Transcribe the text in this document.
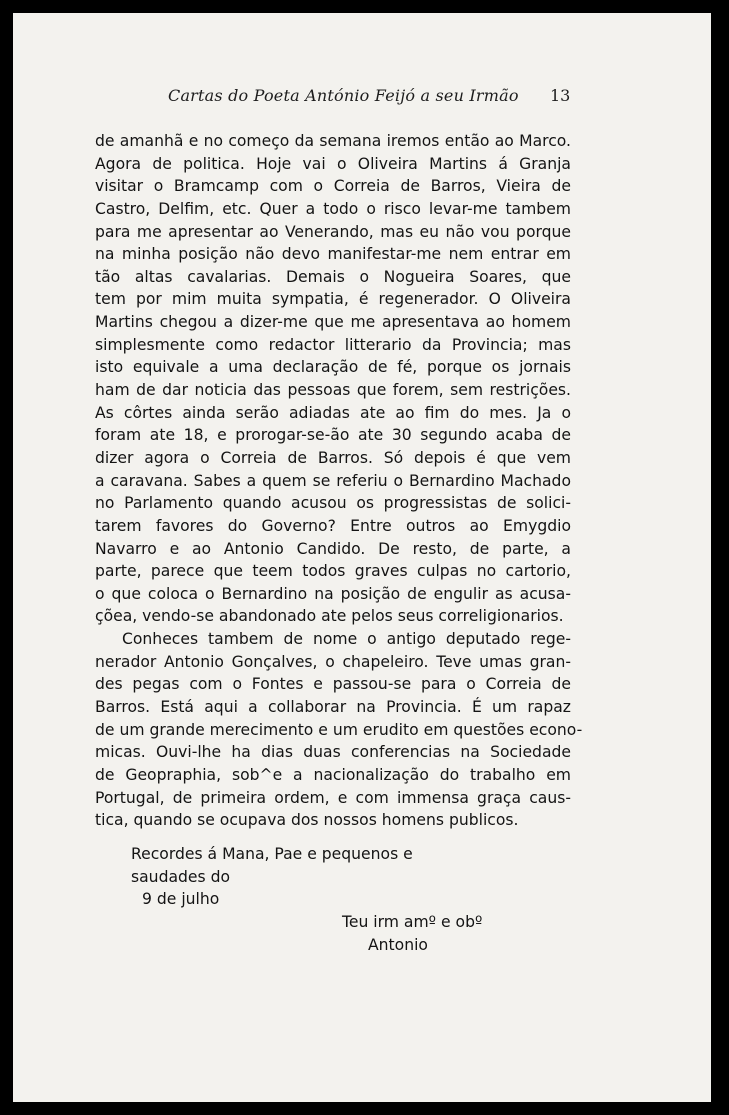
Cartas do Poeta António Feijó a seu Irmão 13
de amanhã e no começo da semana iremos então ao Marco.
Agora de politica. Hoje vai o Oliveira Martins á Granja
visitar o Bramcamp com o Correia de Barros, Vieira de
Castro, Delfim, etc. Quer a todo o risco levar-me tambem
para me apresentar ao Venerando, mas eu não vou porque
na minha posição não devo manifestar-me nem entrar em
tão altas cavalarias. Demais o Nogueira Soares, que
tem por mim muita sympatia, é regenerador. O Oliveira
Martins chegou a dizer-me que me apresentava ao homem
simplesmente como redactor litterario da Provincia; mas
isto equivale a uma declaração de fé, porque os jornais
ham de dar noticia das pessoas que forem, sem restrições.
As côrtes ainda serão adiadas ate ao fim do mes. Ja o
foram ate 18, e prorogar-se-ão ate 30 segundo acaba de
dizer agora o Correia de Barros. Só depois é que vem
a caravana. Sabes a quem se referiu o Bernardino Machado
no Parlamento quando acusou os progressistas de solici-
tarem favores do Governo? Entre outros ao Emygdio
Navarro e ao Antonio Candido. De resto, de parte, a
parte, parece que teem todos graves culpas no cartorio,
o que coloca o Bernardino na posição de engulir as acusa-
çõea, vendo-se abandonado ate pelos seus correligionarios.
Conheces tambem de nome o antigo deputado rege-
nerador Antonio Gonçalves, o chapeleiro. Teve umas gran-
des pegas com o Fontes e passou-se para o Correia de
Barros. Está aqui a collaborar na Provincia. É um rapaz
de um grande merecimento e um erudito em questões econo-
micas. Ouvi-lhe ha dias duas conferencias na Sociedade
de Geopraphia, sob^e a nacionalização do trabalho em
Portugal, de primeira ordem, e com immensa graça caus-
tica, quando se ocupava dos nossos homens publicos.
Recordes á Mana, Pae e pequenos e
saudades do
9 de julho
Teu irm amº e obº
Antonio
